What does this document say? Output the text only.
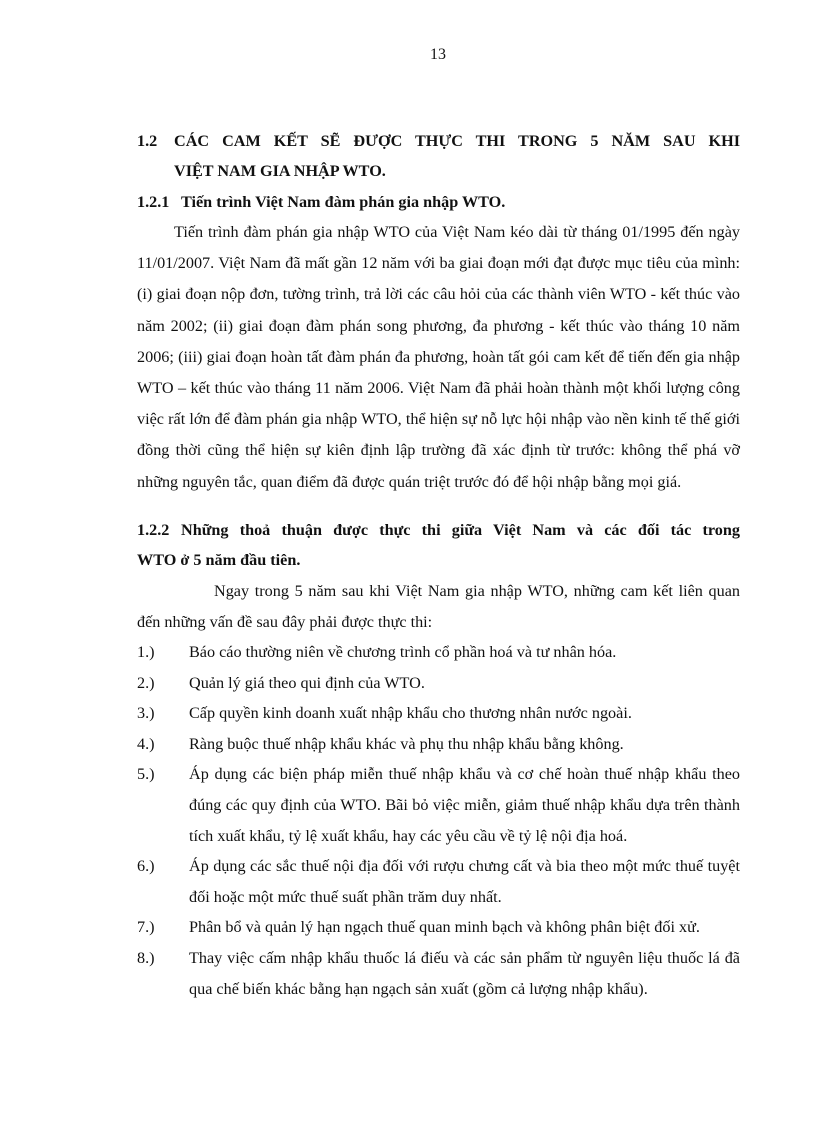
13
1.2 CÁC CAM KẾT SẼ ĐƯỢC THỰC THI TRONG 5 NĂM SAU KHI
VIỆT NAM GIA NHẬP WTO.
1.2.1 Tiến trình Việt Nam đàm phán gia nhập WTO.

Tiến trình đàm phán gia nhập WTO của Việt Nam kéo dài từ tháng 01/1995 đến ngày 11/01/2007. Việt Nam đã mất gần 12 năm với ba giai đoạn mới đạt được mục tiêu của mình: (i) giai đoạn nộp đơn, tường trình, trả lời các câu hỏi của các thành viên WTO - kết thúc vào năm 2002; (ii) giai đoạn đàm phán song phương, đa phương - kết thúc vào tháng 10 năm 2006; (iii) giai đoạn hoàn tất đàm phán đa phương, hoàn tất gói cam kết để tiến đến gia nhập WTO – kết thúc vào tháng 11 năm 2006. Việt Nam đã phải hoàn thành một khối lượng công việc rất lớn để đàm phán gia nhập WTO, thể hiện sự nỗ lực hội nhập vào nền kinh tế thế giới đồng thời cũng thể hiện sự kiên định lập trường đã xác định từ trước: không thể phá vỡ những nguyên tắc, quan điểm đã được quán triệt trước đó để hội nhập bằng mọi giá.

1.2.2 Những thoả thuận được thực thi giữa Việt Nam và các đối tác trong
WTO ở 5 năm đầu tiên.

Ngay trong 5 năm sau khi Việt Nam gia nhập WTO, những cam kết liên quan đến những vấn đề sau đây phải được thực thi:

1.)	Báo cáo thường niên về chương trình cổ phần hoá và tư nhân hóa.
2.)	Quản lý giá theo qui định của WTO.
3.)	Cấp quyền kinh doanh xuất nhập khẩu cho thương nhân nước ngoài.
4.)	Ràng buộc thuế nhập khẩu khác và phụ thu nhập khẩu bằng không.
5.)	Áp dụng các biện pháp miễn thuế nhập khẩu và cơ chế hoàn thuế nhập khẩu theo đúng các quy định của WTO. Bãi bỏ việc miễn, giảm thuế nhập khẩu dựa trên thành tích xuất khẩu, tỷ lệ xuất khẩu, hay các yêu cầu về tỷ lệ nội địa hoá.
6.)	Áp dụng các sắc thuế nội địa đối với rượu chưng cất và bia theo một mức thuế tuyệt đối hoặc một mức thuế suất phần trăm duy nhất.
7.)	Phân bổ và quản lý hạn ngạch thuế quan minh bạch và không phân biệt đối xử.
8.)	Thay việc cấm nhập khẩu thuốc lá điếu và các sản phẩm từ nguyên liệu thuốc lá đã qua chế biến khác bằng hạn ngạch sản xuất (gồm cả lượng nhập khẩu).
